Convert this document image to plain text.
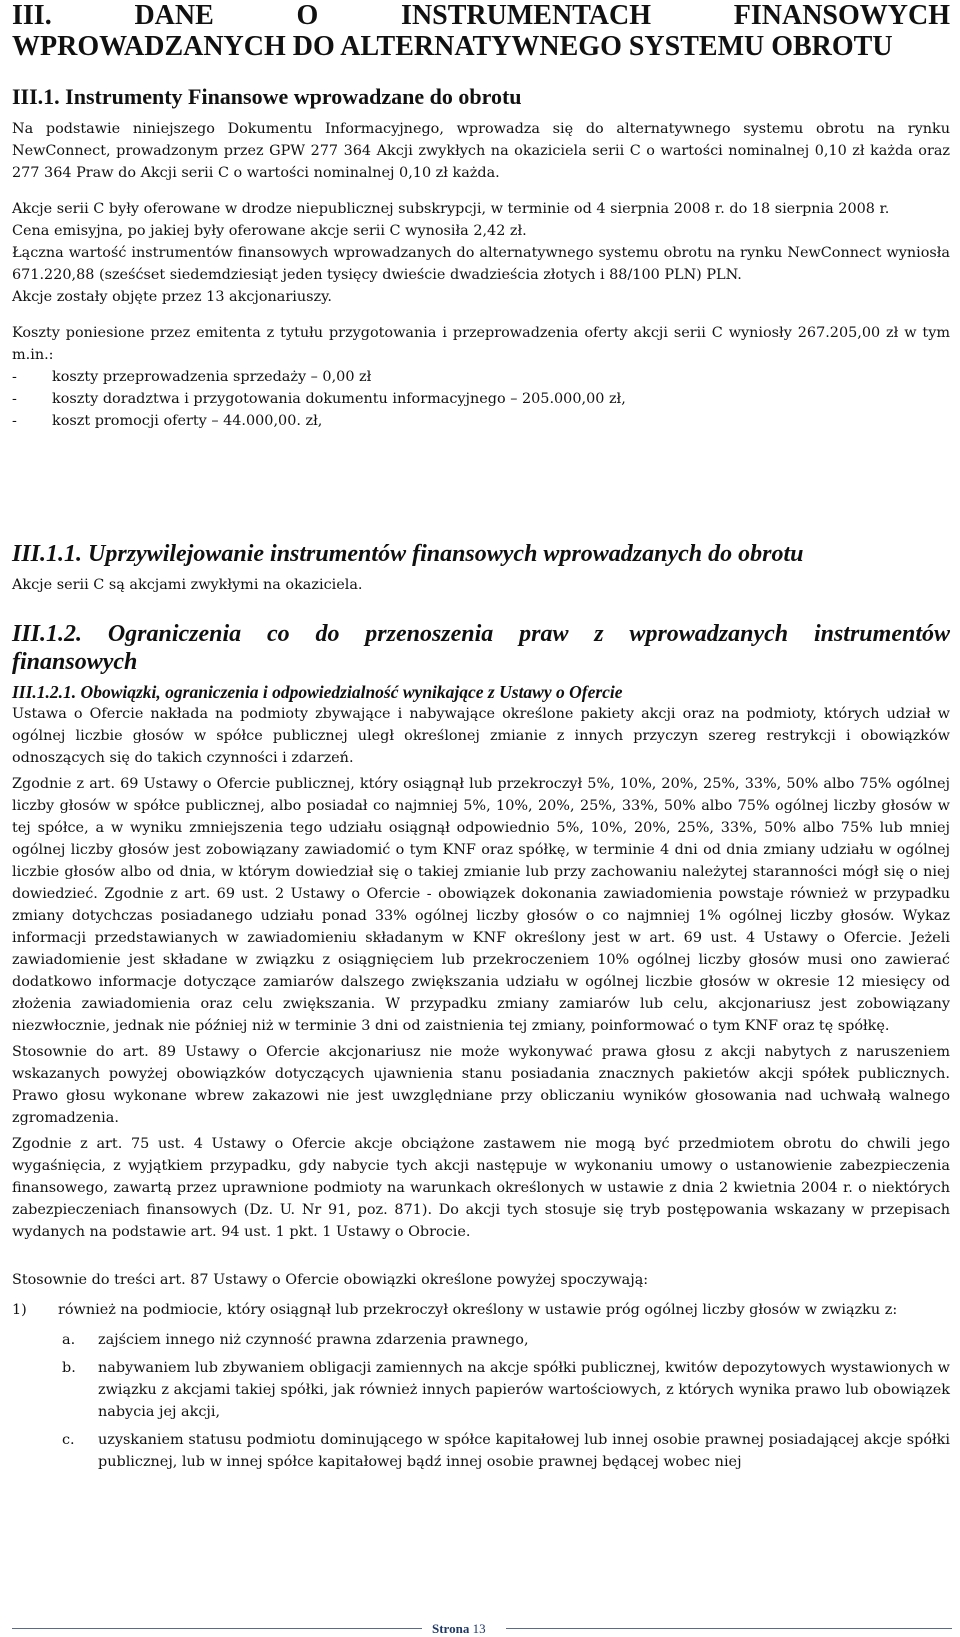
III. DANE O INSTRUMENTACH FINANSOWYCH
WPROWADZANYCH DO ALTERNATYWNEGO SYSTEMU OBROTU
III.1. Instrumenty Finansowe wprowadzane do obrotu

Na podstawie niniejszego Dokumentu Informacyjnego, wprowadza się do alternatywnego systemu obrotu na rynku NewConnect, prowadzonym przez GPW 277 364 Akcji zwykłych na okaziciela serii C o wartości nominalnej 0,10 zł każda oraz 277 364 Praw do Akcji serii C o wartości nominalnej 0,10 zł każda.

Akcje serii C były oferowane w drodze niepublicznej subskrypcji, w terminie od 4 sierpnia 2008 r. do 18 sierpnia 2008 r.

Cena emisyjna, po jakiej były oferowane akcje serii C wynosiła 2,42 zł.

Łączna wartość instrumentów finansowych wprowadzanych do alternatywnego systemu obrotu na rynku NewConnect wyniosła 671.220,88 (sześćset siedemdziesiąt jeden tysięcy dwieście dwadzieścia złotych i 88/100 PLN) PLN.

Akcje zostały objęte przez 13 akcjonariuszy.

Koszty poniesione przez emitenta z tytułu przygotowania i przeprowadzenia oferty akcji serii C wyniosły 267.205,00 zł w tym m.in.:

-	koszty przeprowadzenia sprzedaży – 0,00 zł
-	koszty doradztwa i przygotowania dokumentu informacyjnego – 205.000,00 zł,
-	koszt promocji oferty – 44.000,00. zł,
III.1.1. Uprzywilejowanie instrumentów finansowych wprowadzanych do obrotu

Akcje serii C są akcjami zwykłymi na okaziciela.

III.1.2. Ograniczenia co do przenoszenia praw z wprowadzanych instrumentów
finansowych
III.1.2.1. Obowiązki, ograniczenia i odpowiedzialność wynikające z Ustawy o Ofercie

Ustawa o Ofercie nakłada na podmioty zbywające i nabywające określone pakiety akcji oraz na podmioty, których udział w ogólnej liczbie głosów w spółce publicznej uległ określonej zmianie z innych przyczyn szereg restrykcji i obowiązków odnoszących się do takich czynności i zdarzeń.

Zgodnie z art. 69 Ustawy o Ofercie publicznej, który osiągnął lub przekroczył 5%, 10%, 20%, 25%, 33%, 50% albo 75% ogólnej liczby głosów w spółce publicznej, albo posiadał co najmniej 5%, 10%, 20%, 25%, 33%, 50% albo 75% ogólnej liczby głosów w tej spółce, a w wyniku zmniejszenia tego udziału osiągnął odpowiednio 5%, 10%, 20%, 25%, 33%, 50% albo 75% lub mniej ogólnej liczby głosów jest zobowiązany zawiadomić o tym KNF oraz spółkę, w terminie 4 dni od dnia zmiany udziału w ogólnej liczbie głosów albo od dnia, w którym dowiedział się o takiej zmianie lub przy zachowaniu należytej staranności mógł się o niej dowiedzieć. Zgodnie z art. 69 ust. 2 Ustawy o Ofercie - obowiązek dokonania zawiadomienia powstaje również w przypadku zmiany dotychczas posiadanego udziału ponad 33% ogólnej liczby głosów o co najmniej 1% ogólnej liczby głosów. Wykaz informacji przedstawianych w zawiadomieniu składanym w KNF określony jest w art. 69 ust. 4 Ustawy o Ofercie. Jeżeli zawiadomienie jest składane w związku z osiągnięciem lub przekroczeniem 10% ogólnej liczby głosów musi ono zawierać dodatkowo informacje dotyczące zamiarów dalszego zwiększania udziału w ogólnej liczbie głosów w okresie 12 miesięcy od złożenia zawiadomienia oraz celu zwiększania. W przypadku zmiany zamiarów lub celu, akcjonariusz jest zobowiązany niezwłocznie, jednak nie później niż w terminie 3 dni od zaistnienia tej zmiany, poinformować o tym KNF oraz tę spółkę.

Stosownie do art. 89 Ustawy o Ofercie akcjonariusz nie może wykonywać prawa głosu z akcji nabytych z naruszeniem wskazanych powyżej obowiązków dotyczących ujawnienia stanu posiadania znacznych pakietów akcji spółek publicznych. Prawo głosu wykonane wbrew zakazowi nie jest uwzględniane przy obliczaniu wyników głosowania nad uchwałą walnego zgromadzenia.

Zgodnie z art. 75 ust. 4 Ustawy o Ofercie akcje obciążone zastawem nie mogą być przedmiotem obrotu do chwili jego wygaśnięcia, z wyjątkiem przypadku, gdy nabycie tych akcji następuje w wykonaniu umowy o ustanowienie zabezpieczenia finansowego, zawartą przez uprawnione podmioty na warunkach określonych w ustawie z dnia 2 kwietnia 2004 r. o niektórych zabezpieczeniach finansowych (Dz. U. Nr 91, poz. 871). Do akcji tych stosuje się tryb postępowania wskazany w przepisach wydanych na podstawie art. 94 ust. 1 pkt. 1 Ustawy o Obrocie.

Stosownie do treści art. 87 Ustawy o Ofercie obowiązki określone powyżej spoczywają:

1) również na podmiocie, który osiągnął lub przekroczył określony w ustawie próg ogólnej liczby głosów w związku z:
a. zajściem innego niż czynność prawna zdarzenia prawnego,
b. nabywaniem lub zbywaniem obligacji zamiennych na akcje spółki publicznej, kwitów depozytowych wystawionych w związku z akcjami takiej spółki, jak również innych papierów wartościowych, z których wynika prawo lub obowiązek nabycia jej akcji,
c. uzyskaniem statusu podmiotu dominującego w spółce kapitałowej lub innej osobie prawnej posiadającej akcje spółki publicznej, lub w innej spółce kapitałowej bądź innej osobie prawnej będącej wobec niej
Strona 13
